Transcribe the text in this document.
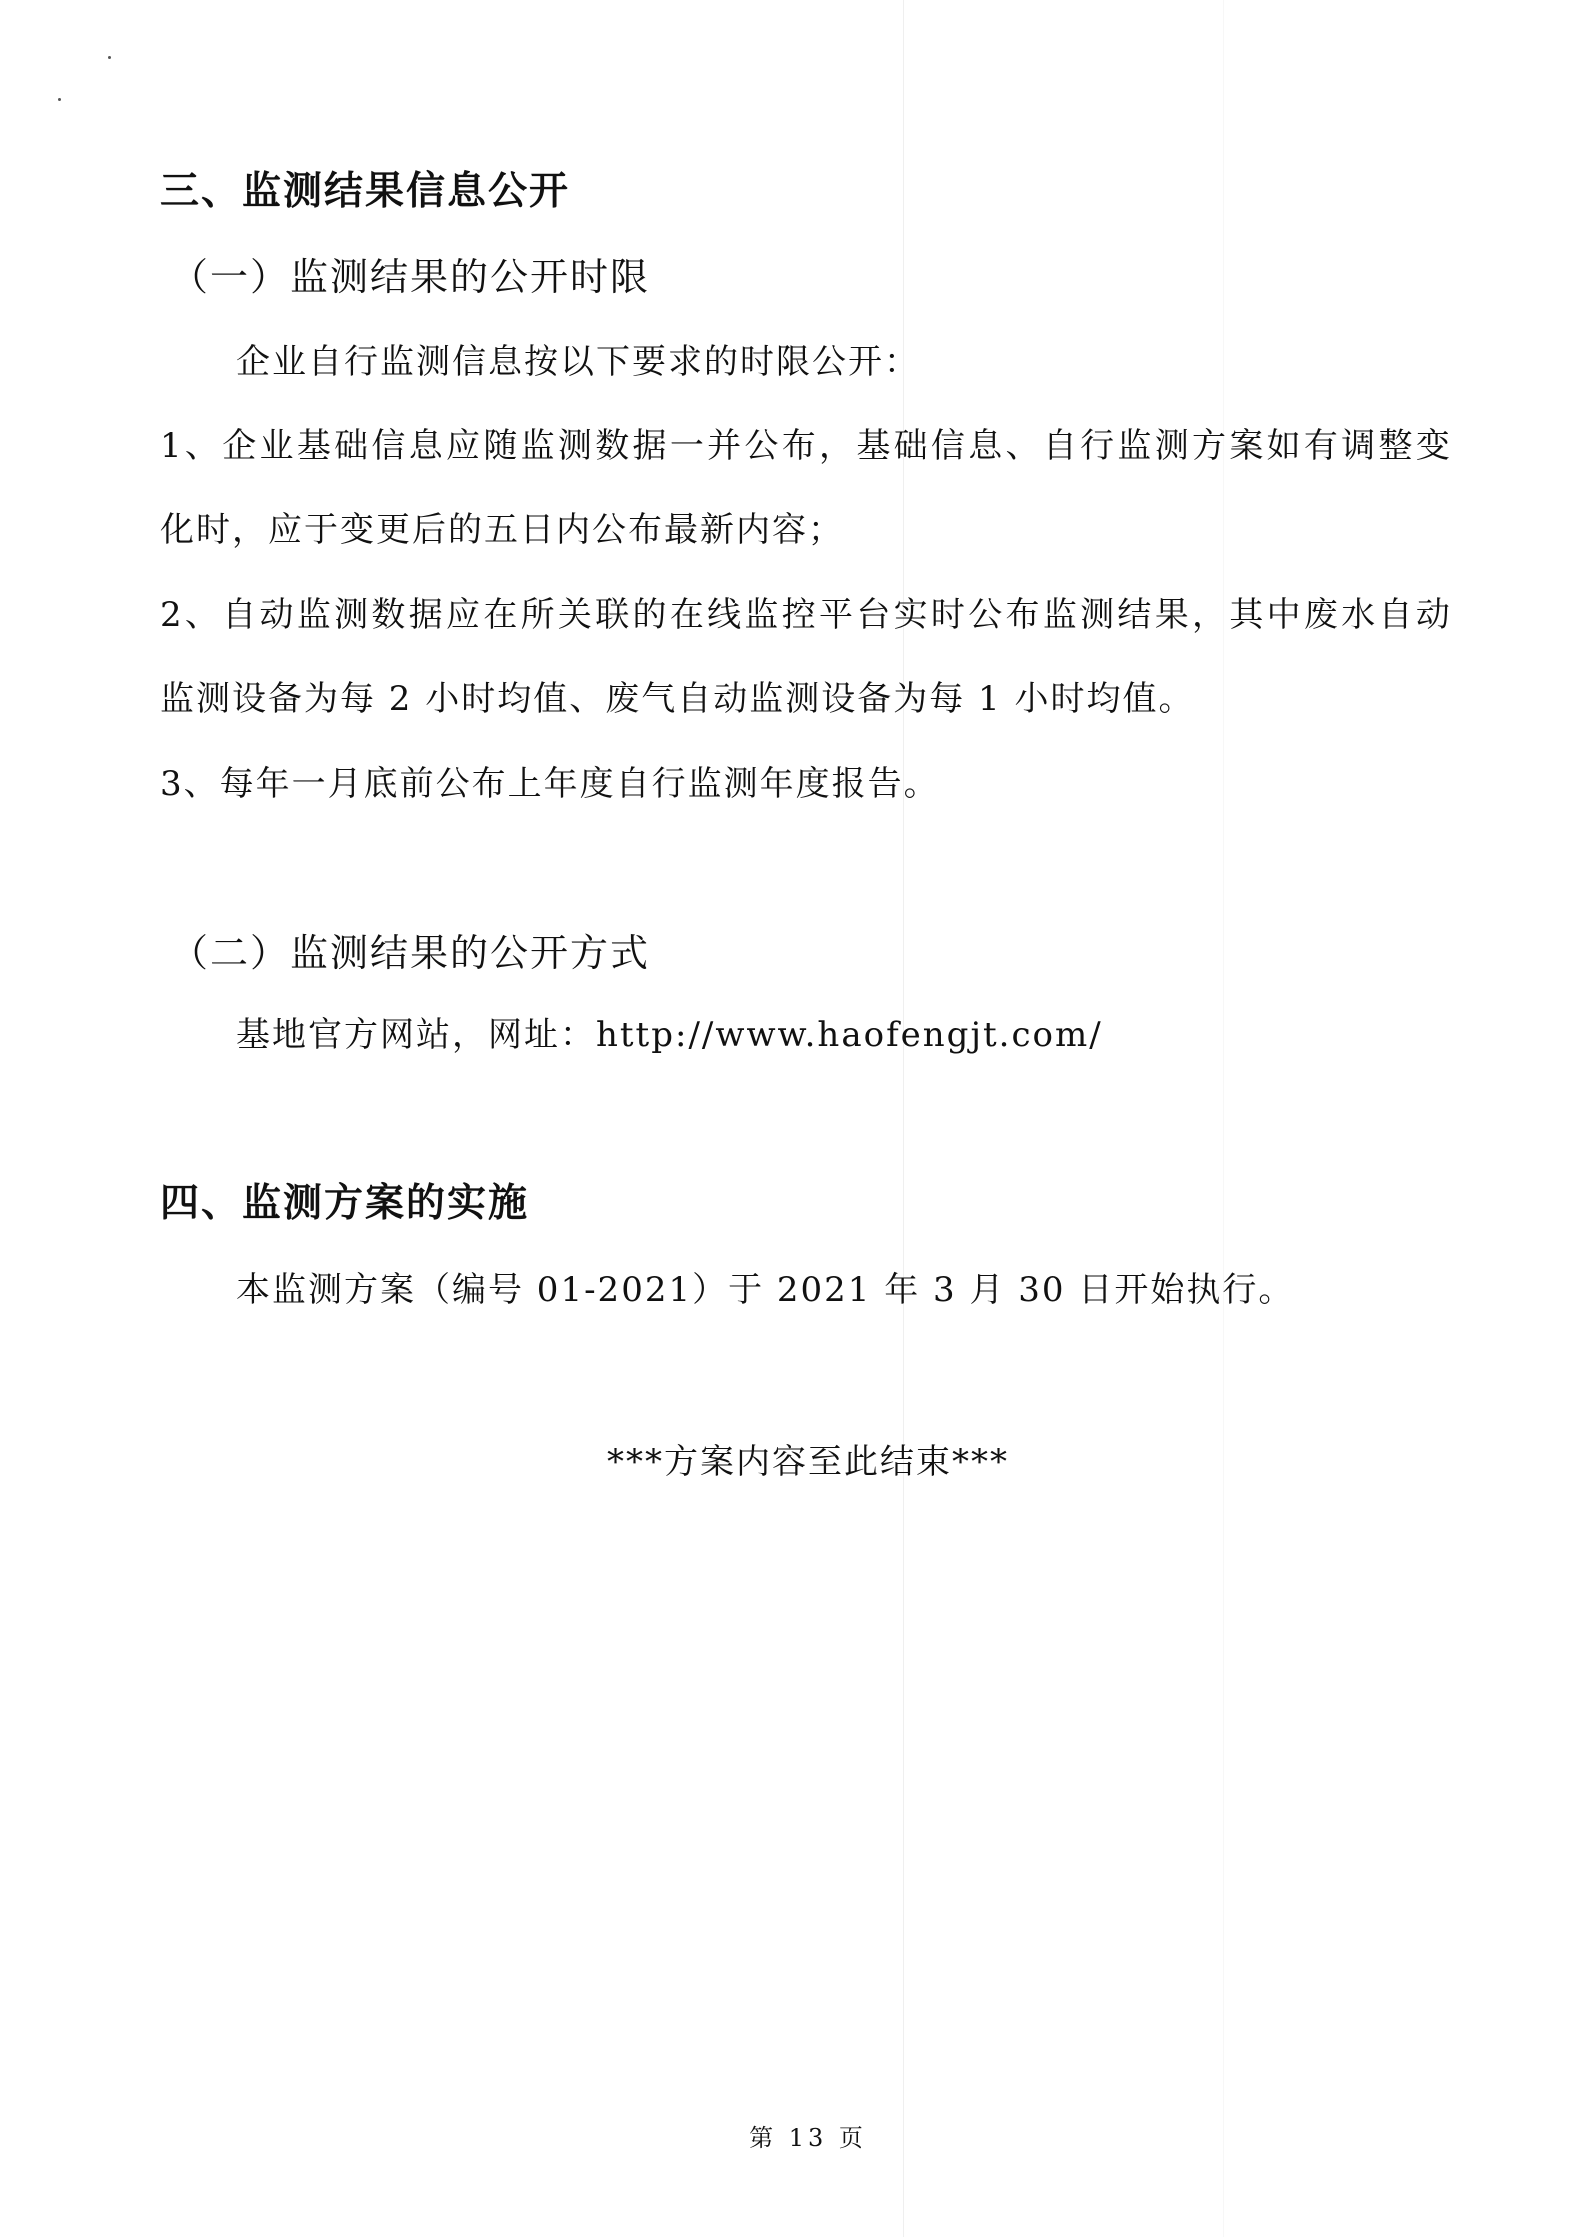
三、监测结果信息公开
（一）监测结果的公开时限
企业自行监测信息按以下要求的时限公开：
1、企业基础信息应随监测数据一并公布，基础信息、自行监测方案如有调整变
化时，应于变更后的五日内公布最新内容；
2、自动监测数据应在所关联的在线监控平台实时公布监测结果，其中废水自动
监测设备为每 2 小时均值、废气自动监测设备为每 1 小时均值。
3、每年一月底前公布上年度自行监测年度报告。
（二）监测结果的公开方式
基地官方网站，网址：http://www.haofengjt.com/
四、监测方案的实施
本监测方案（编号 01-2021）于 2021 年 3 月 30 日开始执行。
***方案内容至此结束***
第 13 页
